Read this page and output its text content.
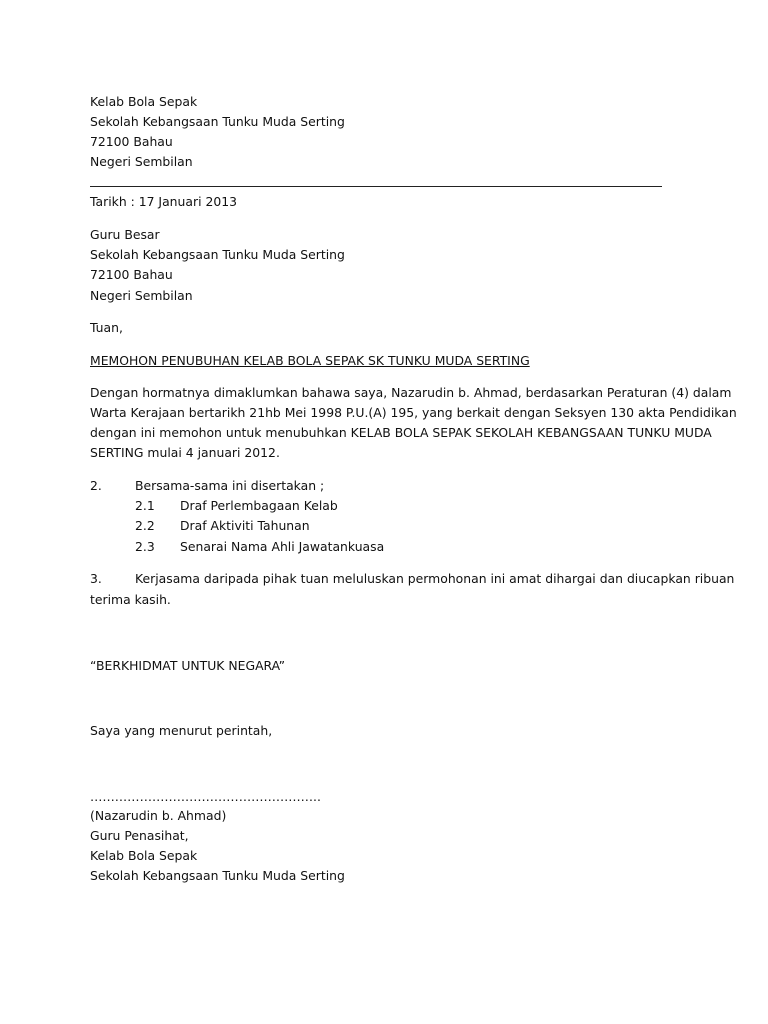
Kelab Bola Sepak
Sekolah Kebangsaan Tunku Muda Serting
72100 Bahau
Negeri Sembilan
Tarikh : 17 Januari 2013
Guru Besar
Sekolah Kebangsaan Tunku Muda Serting
72100 Bahau
Negeri Sembilan
Tuan,
MEMOHON PENUBUHAN KELAB BOLA SEPAK SK TUNKU MUDA SERTING
Dengan hormatnya dimaklumkan bahawa saya, Nazarudin b. Ahmad, berdasarkan Peraturan (4) dalam
Warta Kerajaan bertarikh 21hb Mei 1998 P.U.(A) 195, yang berkait dengan Seksyen 130 akta Pendidikan
dengan ini memohon untuk menubuhkan KELAB BOLA SEPAK SEKOLAH KEBANGSAAN TUNKU MUDA
SERTING mulai 4 januari 2012.
2.	Bersama-sama ini disertakan ;
2.1 Draf Perlembagaan Kelab
2.2 Draf Aktiviti Tahunan
2.3 Senarai Nama Ahli Jawatankuasa
3.	Kerjasama daripada pihak tuan meluluskan permohonan ini amat dihargai dan diucapkan ribuan
terima kasih.
“BERKHIDMAT UNTUK NEGARA”
Saya yang menurut perintah,
………………………………………………..
(Nazarudin b. Ahmad)
Guru Penasihat,
Kelab Bola Sepak
Sekolah Kebangsaan Tunku Muda Serting
